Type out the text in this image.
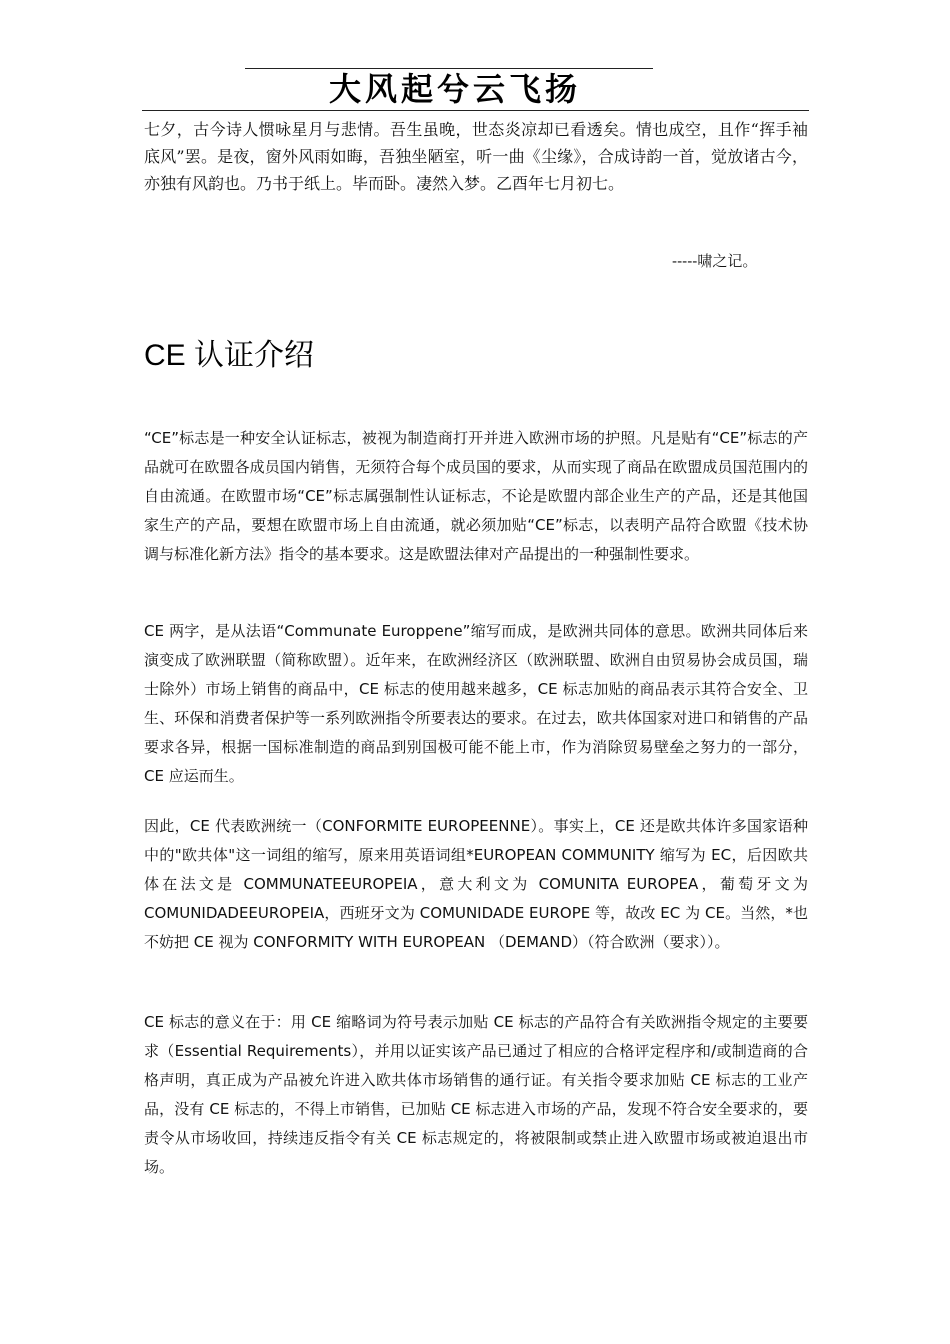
大风起兮云飞扬

七夕，古今诗人惯咏星月与悲情。吾生虽晚，世态炎凉却已看透矣。情也成空，且作“挥手袖底风”罢。是夜，窗外风雨如晦，吾独坐陋室，听一曲《尘缘》，合成诗韵一首，觉放诸古今，亦独有风韵也。乃书于纸上。毕而卧。凄然入梦。乙酉年七月初七。

-----啸之记。

CE 认证介绍

“CE”标志是一种安全认证标志，被视为制造商打开并进入欧洲市场的护照。凡是贴有“CE”标志的产品就可在欧盟各成员国内销售，无须符合每个成员国的要求，从而实现了商品在欧盟成员国范围内的自由流通。在欧盟市场“CE”标志属强制性认证标志，不论是欧盟内部企业生产的产品，还是其他国家生产的产品，要想在欧盟市场上自由流通，就必须加贴“CE”标志，以表明产品符合欧盟《技术协调与标准化新方法》指令的基本要求。这是欧盟法律对产品提出的一种强制性要求。

CE 两字，是从法语“Communate Europpene”缩写而成，是欧洲共同体的意思。欧洲共同体后来演变成了欧洲联盟（简称欧盟）。近年来，在欧洲经济区（欧洲联盟、欧洲自由贸易协会成员国，瑞士除外）市场上销售的商品中，CE 标志的使用越来越多，CE 标志加贴的商品表示其符合安全、卫生、环保和消费者保护等一系列欧洲指令所要表达的要求。在过去，欧共体国家对进口和销售的产品要求各异，根据一国标准制造的商品到别国极可能不能上市，作为消除贸易壁垒之努力的一部分，CE 应运而生。

因此，CE 代表欧洲统一（CONFORMITE EUROPEENNE）。事实上，CE 还是欧共体许多国家语种中的"欧共体"这一词组的缩写，原来用英语词组*EUROPEAN COMMUNITY 缩写为 EC，后因欧共体在法文是 COMMUNATEEUROPEIA，意大利文为 COMUNITA EUROPEA，葡萄牙文为 COMUNIDADEEUROPEIA，西班牙文为 COMUNIDADE EUROPE 等，故改 EC 为 CE。当然，*也不妨把 CE 视为 CONFORMITY WITH EUROPEAN （DEMAND）（符合欧洲（要求））。

CE 标志的意义在于：用 CE 缩略词为符号表示加贴 CE 标志的产品符合有关欧洲指令规定的主要要求（Essential Requirements），并用以证实该产品已通过了相应的合格评定程序和/或制造商的合格声明，真正成为产品被允许进入欧共体市场销售的通行证。有关指令要求加贴 CE 标志的工业产品，没有 CE 标志的，不得上市销售，已加贴 CE 标志进入市场的产品，发现不符合安全要求的，要责令从市场收回，持续违反指令有关 CE 标志规定的，将被限制或禁止进入欧盟市场或被迫退出市场。
